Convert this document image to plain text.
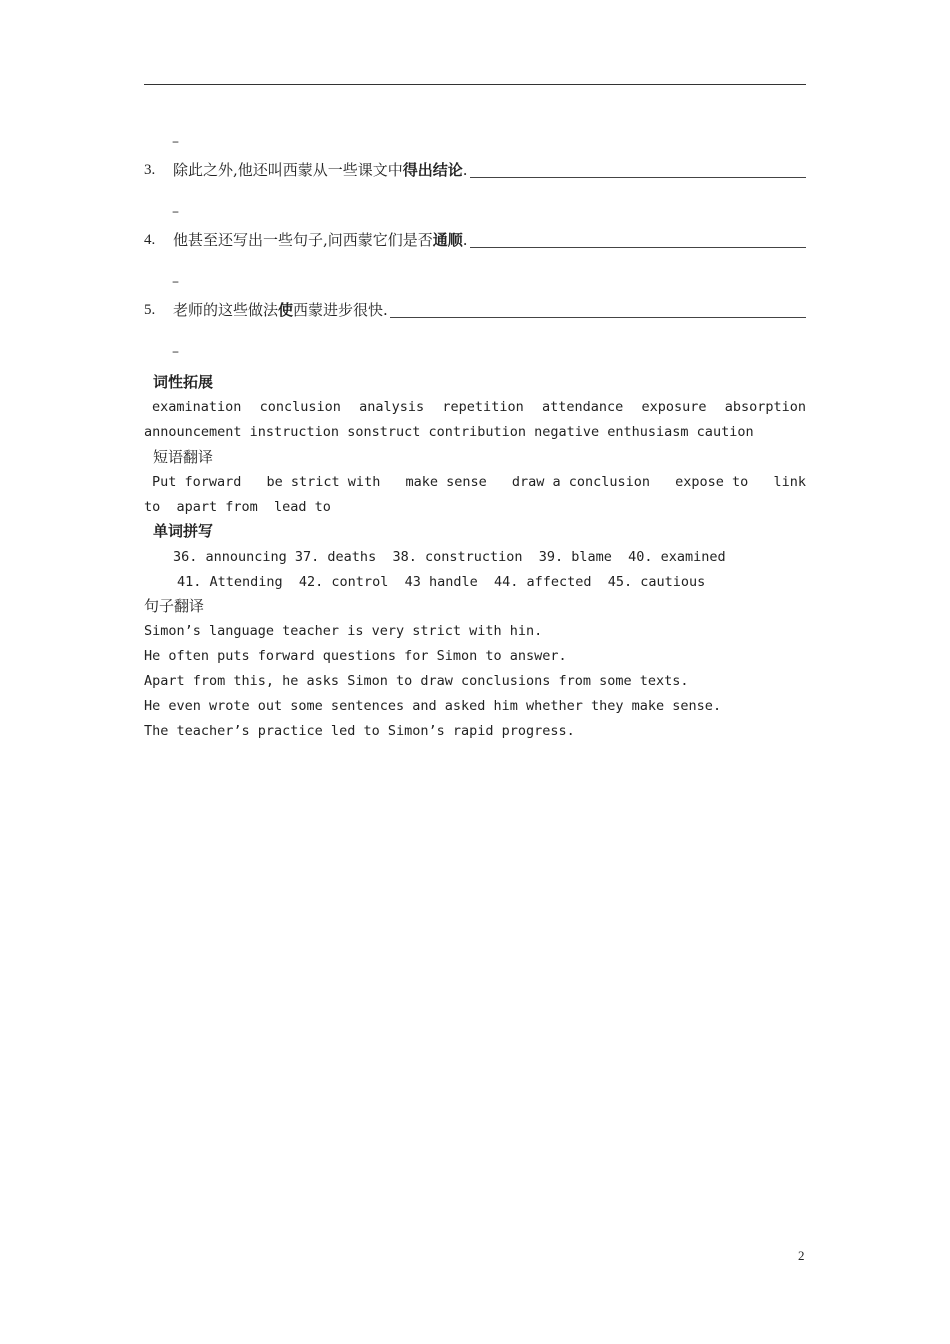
–
3.	除此之外,他还叫西蒙从一些课文中得出结论.
–
4.	他甚至还写出一些句子,问西蒙它们是否通顺.
–
5.	老师的这些做法使西蒙进步很快.
–
词性拓展
examination conclusion analysis repetition attendance exposure absorption
announcement instruction sonstruct contribution negative enthusiasm caution
短语翻译
Put forward be strict with make sense draw a conclusion expose to link
to  apart from  lead to
单词拼写
36. announcing 37. deaths  38. construction  39. blame  40. examined
41. Attending  42. control  43 handle  44. affected  45. cautious
句子翻译
Simon’s language teacher is very strict with hin.
He often puts forward questions for Simon to answer.
Apart from this, he asks Simon to draw conclusions from some texts.
He even wrote out some sentences and asked him whether they make sense.
The teacher’s practice led to Simon’s rapid progress.
2
